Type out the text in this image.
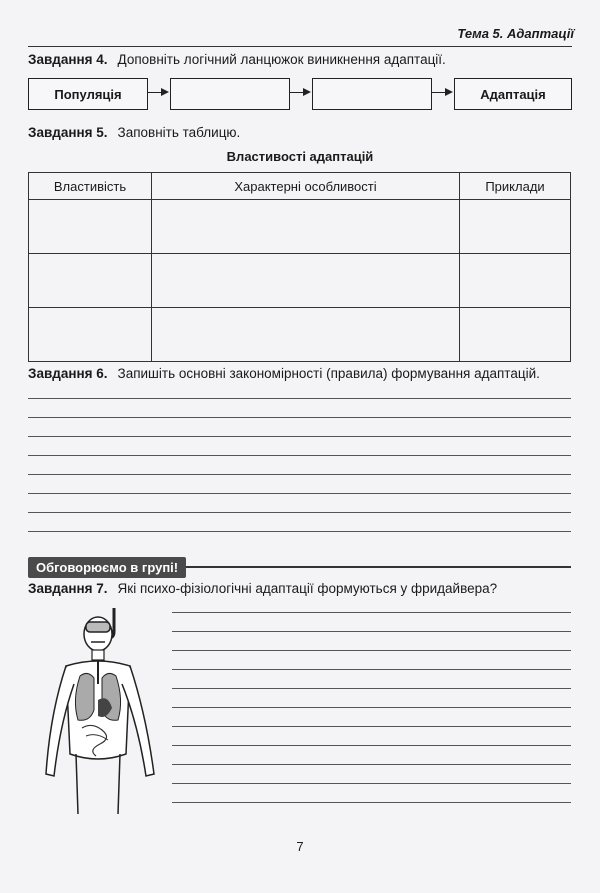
Тема 5. Адаптації
Завдання 4. Доповніть логічний ланцюжок виникнення адаптації.
Популяція	Адаптація
Завдання 5. Заповніть таблицю.
Властивості адаптацій
Властивість	Характерні особливості	Приклади

Завдання 6. Запишіть основні закономірності (правила) формування адаптацій.
Обговорюємо в групі!
Завдання 7. Які психо-фізіологічні адаптації формуються у фридайвера?
7
